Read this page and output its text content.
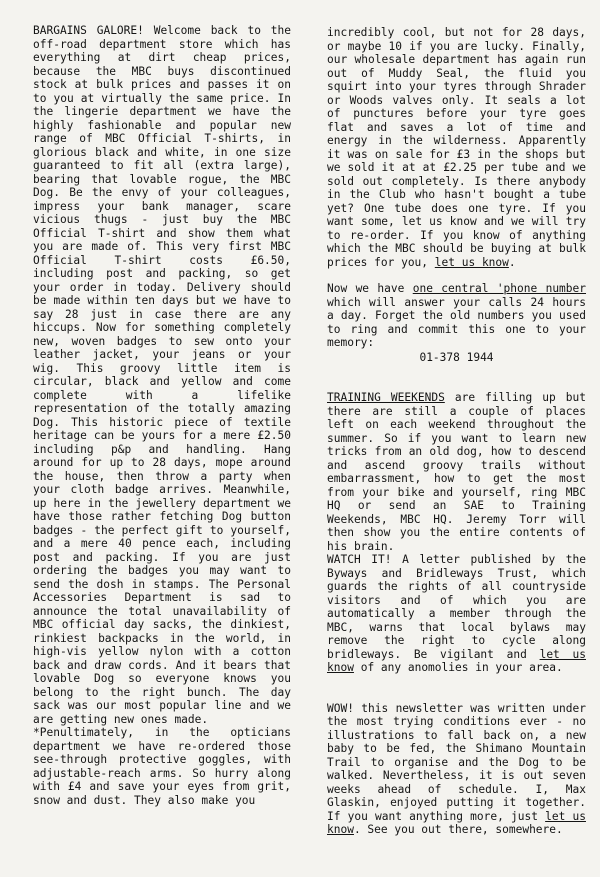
BARGAINS GALORE! Welcome back to the off-road department store which has everything at dirt cheap prices, because the MBC buys discontinued stock at bulk prices and passes it on to you at virtually the same price. In the lingerie department we have the highly fashionable and popular new range of MBC Official T-shirts, in glorious black and white, in one size guaranteed to fit all (extra large), bearing that lovable rogue, the MBC Dog. Be the envy of your colleagues, impress your bank manager, scare vicious thugs - just buy the MBC Official T-shirt and show them what you are made of. This very first MBC Official T-shirt costs £6.50, including post and packing, so get your order in today. Delivery should be made within ten days but we have to say 28 just in case there are any hiccups. Now for something completely new, woven badges to sew onto your leather jacket, your jeans or your wig. This groovy little item is circular, black and yellow and come complete with a lifelike representation of the totally amazing Dog. This historic piece of textile heritage can be yours for a mere £2.50 including p&p and handling. Hang around for up to 28 days, mope around the house, then throw a party when your cloth badge arrives. Meanwhile, up here in the jewellery department we have those rather fetching Dog button badges - the perfect gift to yourself, and a mere 40 pence each, including post and packing. If you are just ordering the badges you may want to send the dosh in stamps. The Personal Accessories Department is sad to announce the total unavailability of MBC official day sacks, the dinkiest, rinkiest backpacks in the world, in high-vis yellow nylon with a cotton back and draw cords. And it bears that lovable Dog so everyone knows you belong to the right bunch. The day sack was our most popular line and we are getting new ones made.

*Penultimately, in the opticians department we have re-ordered those see-through protective goggles, with adjustable-reach arms. So hurry along with £4 and save your eyes from grit, snow and dust. They also make you

incredibly cool, but not for 28 days, or maybe 10 if you are lucky. Finally, our wholesale department has again run out of Muddy Seal, the fluid you squirt into your tyres through Shrader or Woods valves only. It seals a lot of punctures before your tyre goes flat and saves a lot of time and energy in the wilderness. Apparently it was on sale for £3 in the shops but we sold it at at £2.25 per tube and we sold out completely. Is there anybody in the Club who hasn't bought a tube yet? One tube does one tyre. If you want some, let us know and we will try to re-order. If you know of anything which the MBC should be buying at bulk prices for you, let us know.

Now we have one central 'phone number which will answer your calls 24 hours a day. Forget the old numbers you used to ring and commit this one to your memory:
01-378 1944

TRAINING WEEKENDS are filling up but there are still a couple of places left on each weekend throughout the summer. So if you want to learn new tricks from an old dog, how to descend and ascend groovy trails without embarrassment, how to get the most from your bike and yourself, ring MBC HQ or send an SAE to Training Weekends, MBC HQ. Jeremy Torr will then show you the entire contents of his brain.

WATCH IT! A letter published by the Byways and Bridleways Trust, which guards the rights of all countryside visitors and of which you are automatically a member through the MBC, warns that local bylaws may remove the right to cycle along bridleways. Be vigilant and let us know of any anomolies in your area.

WOW! this newsletter was written under the most trying conditions ever - no illustrations to fall back on, a new baby to be fed, the Shimano Mountain Trail to organise and the Dog to be walked. Nevertheless, it is out seven weeks ahead of schedule. I, Max Glaskin, enjoyed putting it together. If you want anything more, just let us know. See you out there, somewhere.
